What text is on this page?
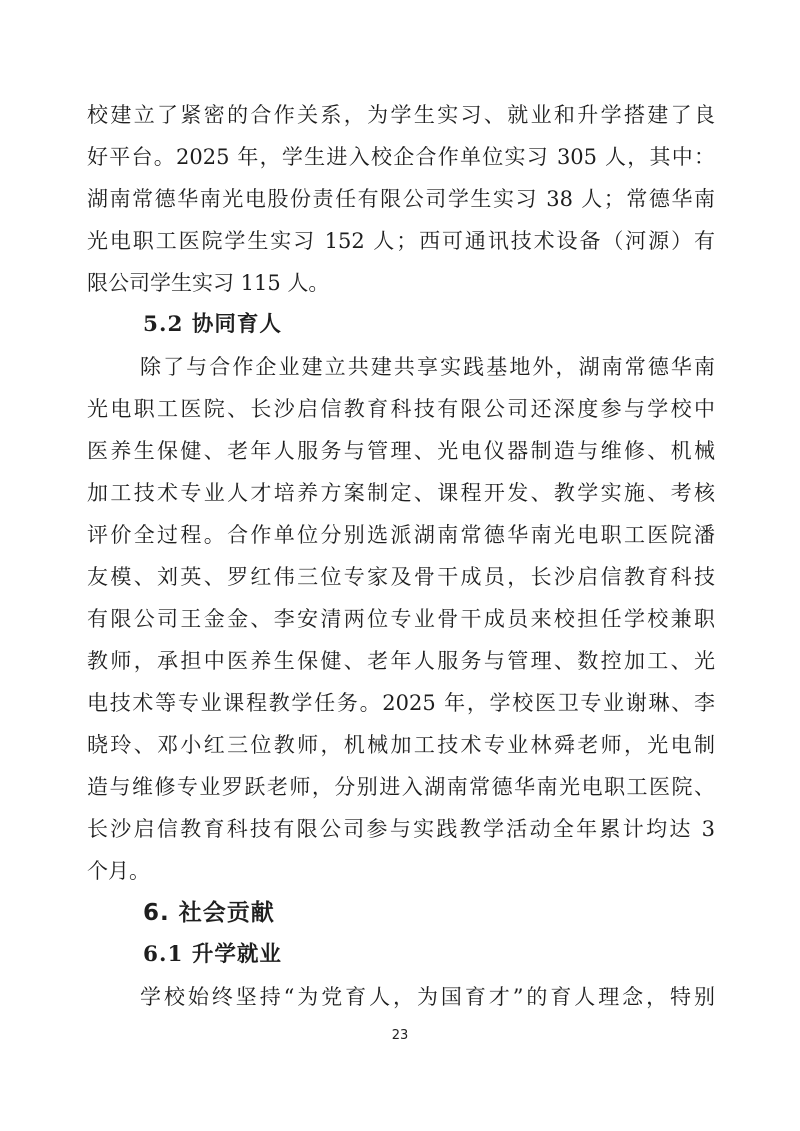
校建立了紧密的合作关系，为学生实习、就业和升学搭建了良
好平台。2025 年，学生进入校企合作单位实习 305 人，其中：
湖南常德华南光电股份责任有限公司学生实习 38 人；常德华南
光电职工医院学生实习 152 人；西可通讯技术设备（河源）有
限公司学生实习 115 人。
5.2 协同育人
除了与合作企业建立共建共享实践基地外，湖南常德华南
光电职工医院、长沙启信教育科技有限公司还深度参与学校中
医养生保健、老年人服务与管理、光电仪器制造与维修、机械
加工技术专业人才培养方案制定、课程开发、教学实施、考核
评价全过程。合作单位分别选派湖南常德华南光电职工医院潘
友模、刘英、罗红伟三位专家及骨干成员，长沙启信教育科技
有限公司王金金、李安清两位专业骨干成员来校担任学校兼职
教师，承担中医养生保健、老年人服务与管理、数控加工、光
电技术等专业课程教学任务。2025 年，学校医卫专业谢琳、李
晓玲、邓小红三位教师，机械加工技术专业林舜老师，光电制
造与维修专业罗跃老师，分别进入湖南常德华南光电职工医院、
长沙启信教育科技有限公司参与实践教学活动全年累计均达 3
个月。
6. 社会贡献
6.1 升学就业
学校始终坚持“为党育人，为国育才”的育人理念，特别
23
